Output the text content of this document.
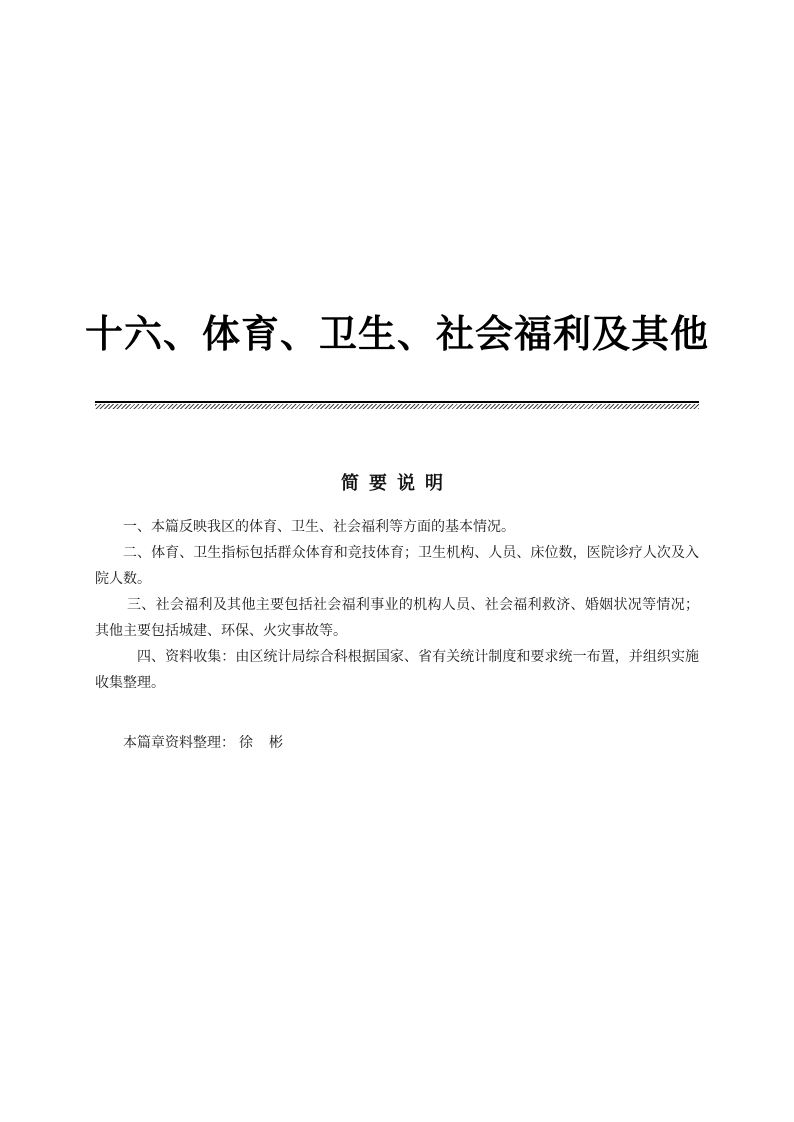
十六、体育、卫生、社会福利及其他
简要说明

一、本篇反映我区的体育、卫生、社会福利等方面的基本情况。

二、体育、卫生指标包括群众体育和竞技体育；卫生机构、人员、床位数，医院诊疗人次及入院人数。

三、社会福利及其他主要包括社会福利事业的机构人员、社会福利救济、婚姻状况等情况；其他主要包括城建、环保、火灾事故等。

四、资料收集：由区统计局综合科根据国家、省有关统计制度和要求统一布置，并组织实施收集整理。

本篇章资料整理： 徐彬
